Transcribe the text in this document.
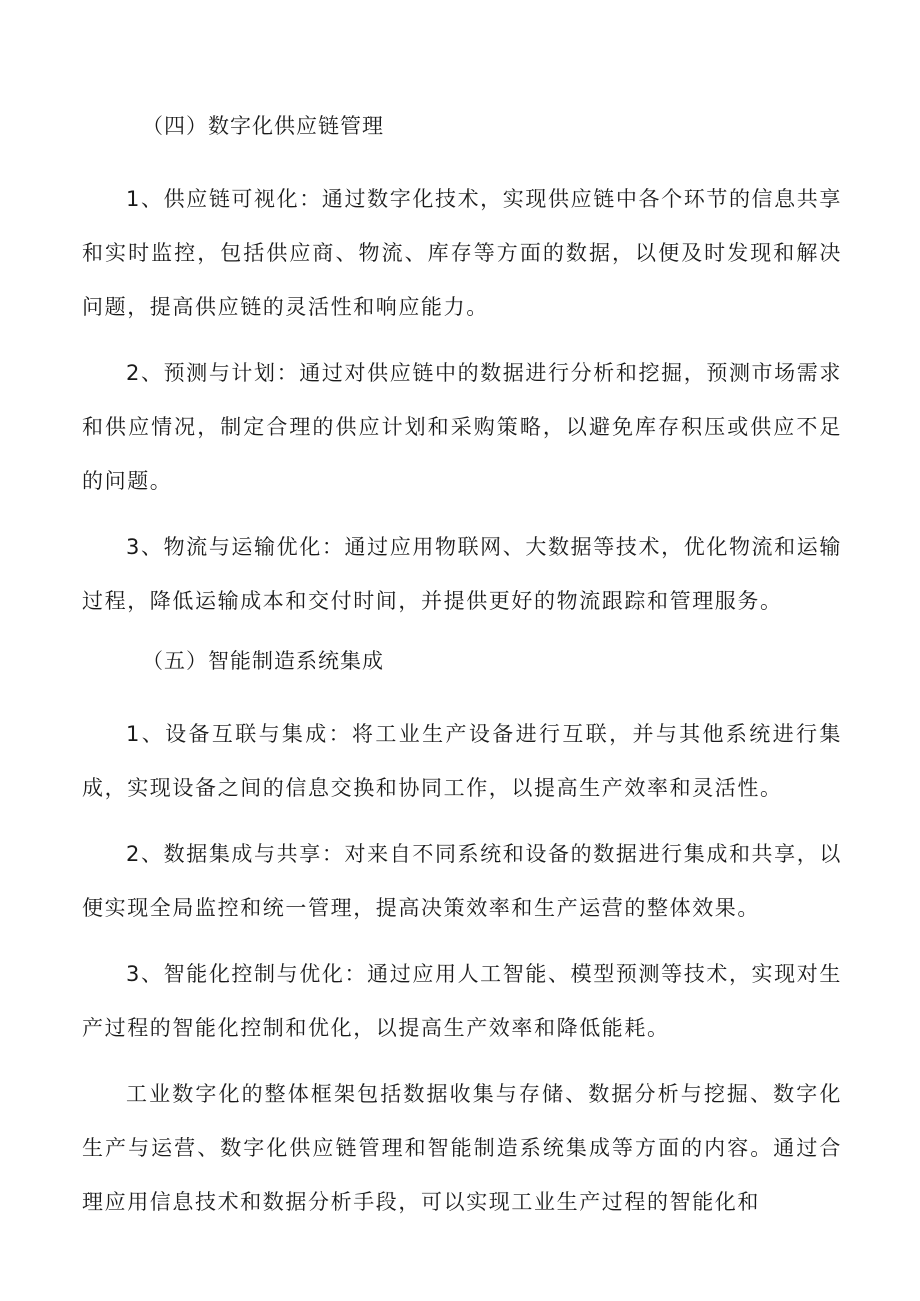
（四）数字化供应链管理

1、供应链可视化：通过数字化技术，实现供应链中各个环节的信息共享和实时监控，包括供应商、物流、库存等方面的数据，以便及时发现和解决问题，提高供应链的灵活性和响应能力。

2、预测与计划：通过对供应链中的数据进行分析和挖掘，预测市场需求和供应情况，制定合理的供应计划和采购策略，以避免库存积压或供应不足的问题。

3、物流与运输优化：通过应用物联网、大数据等技术，优化物流和运输过程，降低运输成本和交付时间，并提供更好的物流跟踪和管理服务。

（五）智能制造系统集成

1、设备互联与集成：将工业生产设备进行互联，并与其他系统进行集成，实现设备之间的信息交换和协同工作，以提高生产效率和灵活性。

2、数据集成与共享：对来自不同系统和设备的数据进行集成和共享，以便实现全局监控和统一管理，提高决策效率和生产运营的整体效果。

3、智能化控制与优化：通过应用人工智能、模型预测等技术，实现对生产过程的智能化控制和优化，以提高生产效率和降低能耗。

工业数字化的整体框架包括数据收集与存储、数据分析与挖掘、数字化生产与运营、数字化供应链管理和智能制造系统集成等方面的内容。通过合理应用信息技术和数据分析手段，可以实现工业生产过程的智能化和
